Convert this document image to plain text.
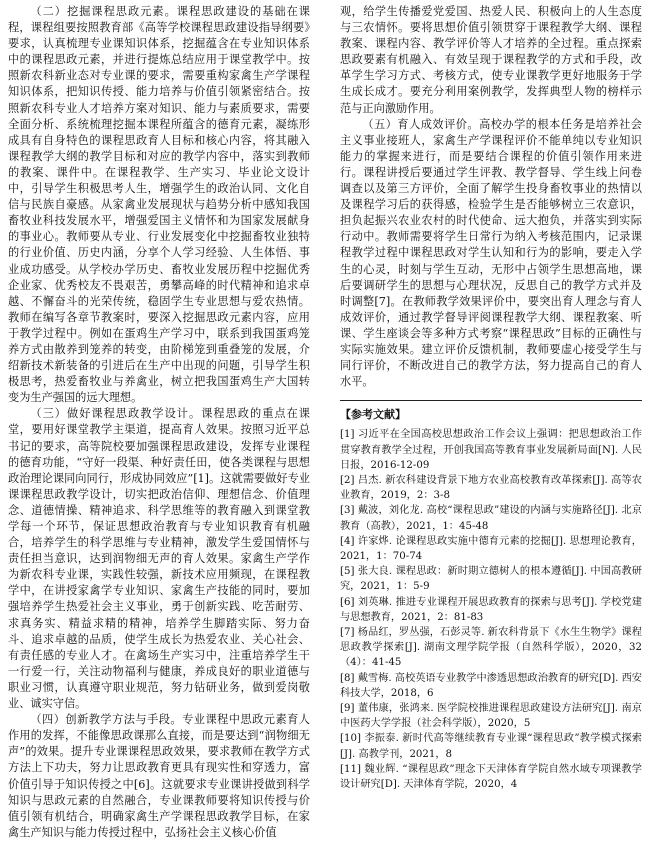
（二）挖掘课程思政元素。课程思政建设的基础在课程，课程组要按照教育部《高等学校课程思政建设指导纲要》要求，认真梳理专业课知识体系，挖掘蕴含在专业知识体系中的课程思政元素，并进行提炼总结应用于课堂教学中。按照新农科新业态对专业课的要求，需要重构家禽生产学课程知识体系，把知识传授、能力培养与价值引领紧密结合。按照新农科专业人才培养方案对知识、能力与素质要求，需要全面分析、系统梳理挖掘本课程所蕴含的德育元素，凝练形成具有自身特色的课程思政育人目标和核心内容，将其融入课程教学大纲的教学目标和对应的教学内容中，落实到教师的教案、课件中。在课程教学、生产实习、毕业论文设计中，引导学生积极思考人生，增强学生的政治认同、文化自信与民族自豪感。从家禽业发展现状与趋势分析中感知我国畜牧业科技发展水平，增强爱国主义情怀和为国家发展献身的事业心。教师要从专业、行业发展变化中挖掘畜牧业独特的行业价值、历史内涵，分享个人学习经验、人生体悟、事业成功感受。从学校办学历史、畜牧业发展历程中挖掘优秀企业家、优秀校友不畏艰苦，勇攀高峰的时代精神和追求卓越、不懈奋斗的光荣传统，稳固学生专业思想与爱农热情。教师在编写各章节教案时，要深入挖掘思政元素内容，应用于教学过程中。例如在蛋鸡生产学习中，联系到我国蛋鸡笼养方式由散养到笼养的转变，由阶梯笼到重叠笼的发展，介绍新技术新装备的引进后在生产中出现的问题，引导学生积极思考，热爱畜牧业与养禽业，树立把我国蛋鸡生产大国转变为生产强国的远大理想。

（三）做好课程思政教学设计。课程思政的重点在课堂，要用好课堂教学主渠道，提高育人效果。按照习近平总书记的要求，高等院校要加强课程思政建设，发挥专业课程的德育功能，“守好一段渠、种好责任田，使各类课程与思想政治理论课同向同行，形成协同效应”[1]。这就需要做好专业课课程思政教学设计，切实把政治信仰、理想信念、价值理念、道德情操、精神追求、科学思维等的教育融入到课堂教学每一个环节，保证思想政治教育与专业知识教育有机融合，培养学生的科学思维与专业精神，激发学生爱国情怀与责任担当意识，达到润物细无声的育人效果。家禽生产学作为新农科专业课，实践性较强，新技术应用频现，在课程教学中，在讲授家禽学专业知识、家禽生产技能的同时，要加强培养学生热爱社会主义事业，勇于创新实践、吃苦耐劳、求真务实、精益求精的精神，培养学生脚踏实际、努力奋斗、追求卓越的品质，使学生成长为热爱农业、关心社会、有责任感的专业人才。在禽场生产实习中，注重培养学生干一行爱一行，关注动物福利与健康，养成良好的职业道德与职业习惯，认真遵守职业规范，努力钻研业务，做到爱岗敬业、诚实守信。

（四）创新教学方法与手段。专业课程中思政元素育人作用的发挥，不能像思政课那么直接，而是要达到“润物细无声”的效果。提升专业课课程思政效果，要求教师在教学方式方法上下功夫，努力让思政教育更具有现实性和穿透力，富价值引导于知识传授之中[6]。这就要求专业课讲授做到科学知识与思政元素的自然融合，专业课教师要将知识传授与价值引领有机结合，明确家禽生产学课程思政教学目标，在家禽生产知识与能力传授过程中，弘扬社会主义核心价值

观，给学生传播爱党爱国、热爱人民、积极向上的人生态度与三农情怀。要将思想价值引领贯穿于课程教学大纲、课程教案、课程内容、教学评价等人才培养的全过程。重点探索思政要素有机融入、有效呈现于课程教学的方式和手段，改革学生学习方式、考核方式，使专业课教学更好地服务于学生成长成才。要充分利用案例教学，发挥典型人物的榜样示范与正向激励作用。

（五）育人成效评价。高校办学的根本任务是培养社会主义事业接班人，家禽生产学课程评价不能单纯以专业知识能力的掌握来进行，而是要结合课程的价值引领作用来进行。课程讲授后要通过学生评教、教学督导、学生线上问卷调查以及第三方评价，全面了解学生投身畜牧事业的热情以及课程学习后的获得感，检验学生是否能够树立三农意识，担负起振兴农业农村的时代使命、远大抱负，并落实到实际行动中。教师需要将学生日常行为纳入考核范围内，记录课程教学过程中课程思政对学生认知和行为的影响，要走入学生的心灵，时刻与学生互动，无形中占领学生思想高地，课后要调研学生的思想与心理状况，反思自己的教学方式并及时调整[7]。在教师教学效果评价中，要突出育人理念与育人成效评价，通过教学督导评阅课程教学大纲、课程教案、听课、学生座谈会等多种方式考察“课程思政”目标的正确性与实际实施效果。建立评价反馈机制，教师要虚心接受学生与同行评价，不断改进自己的教学方法，努力提高自己的育人水平。

【参考文献】

[1] 习近平在全国高校思想政治工作会议上强调：把思想政治工作贯穿教育教学全过程，开创我国高等教育事业发展新局面[N]. 人民日报，2016-12-09

[2] 吕杰. 新农科建设背景下地方农业高校教育改革探索[J]. 高等农业教育，2019，2：3-8

[3] 戴波，刘化龙. 高校“课程思政”建设的内涵与实施路径[J]. 北京教育（高教），2021，1：45-48

[4] 许家烨. 论课程思政实施中德育元素的挖掘[J]. 思想理论教育，2021，1：70-74

[5] 张大良. 课程思政：新时期立德树人的根本遵循[J]. 中国高教研究，2021，1：5-9

[6] 刘英琳. 推进专业课程开展思政教育的探索与思考[J]. 学校党建与思想教育，2021，2：81-83

[7] 杨品红，罗丛强，石彭灵等. 新农科背景下《水生生物学》课程思政教学探索[J]. 湖南文理学院学报（自然科学版），2020，32（4）：41-45

[8] 戴雪梅. 高校英语专业教学中渗透思想政治教育的研究[D]. 西安科技大学，2018，6

[9] 董伟康，张鸿来. 医学院校推进课程思政建设方法研究[J]. 南京中医药大学学报（社会科学版），2020，5

[10] 李振泰. 新时代高等继续教育专业课“课程思政”教学模式探索[J]. 高教学刊，2021，8

[11] 魏业辉. “课程思政”理念下天津体育学院自然水域专项课教学设计研究[D]. 天津体育学院，2020，4
